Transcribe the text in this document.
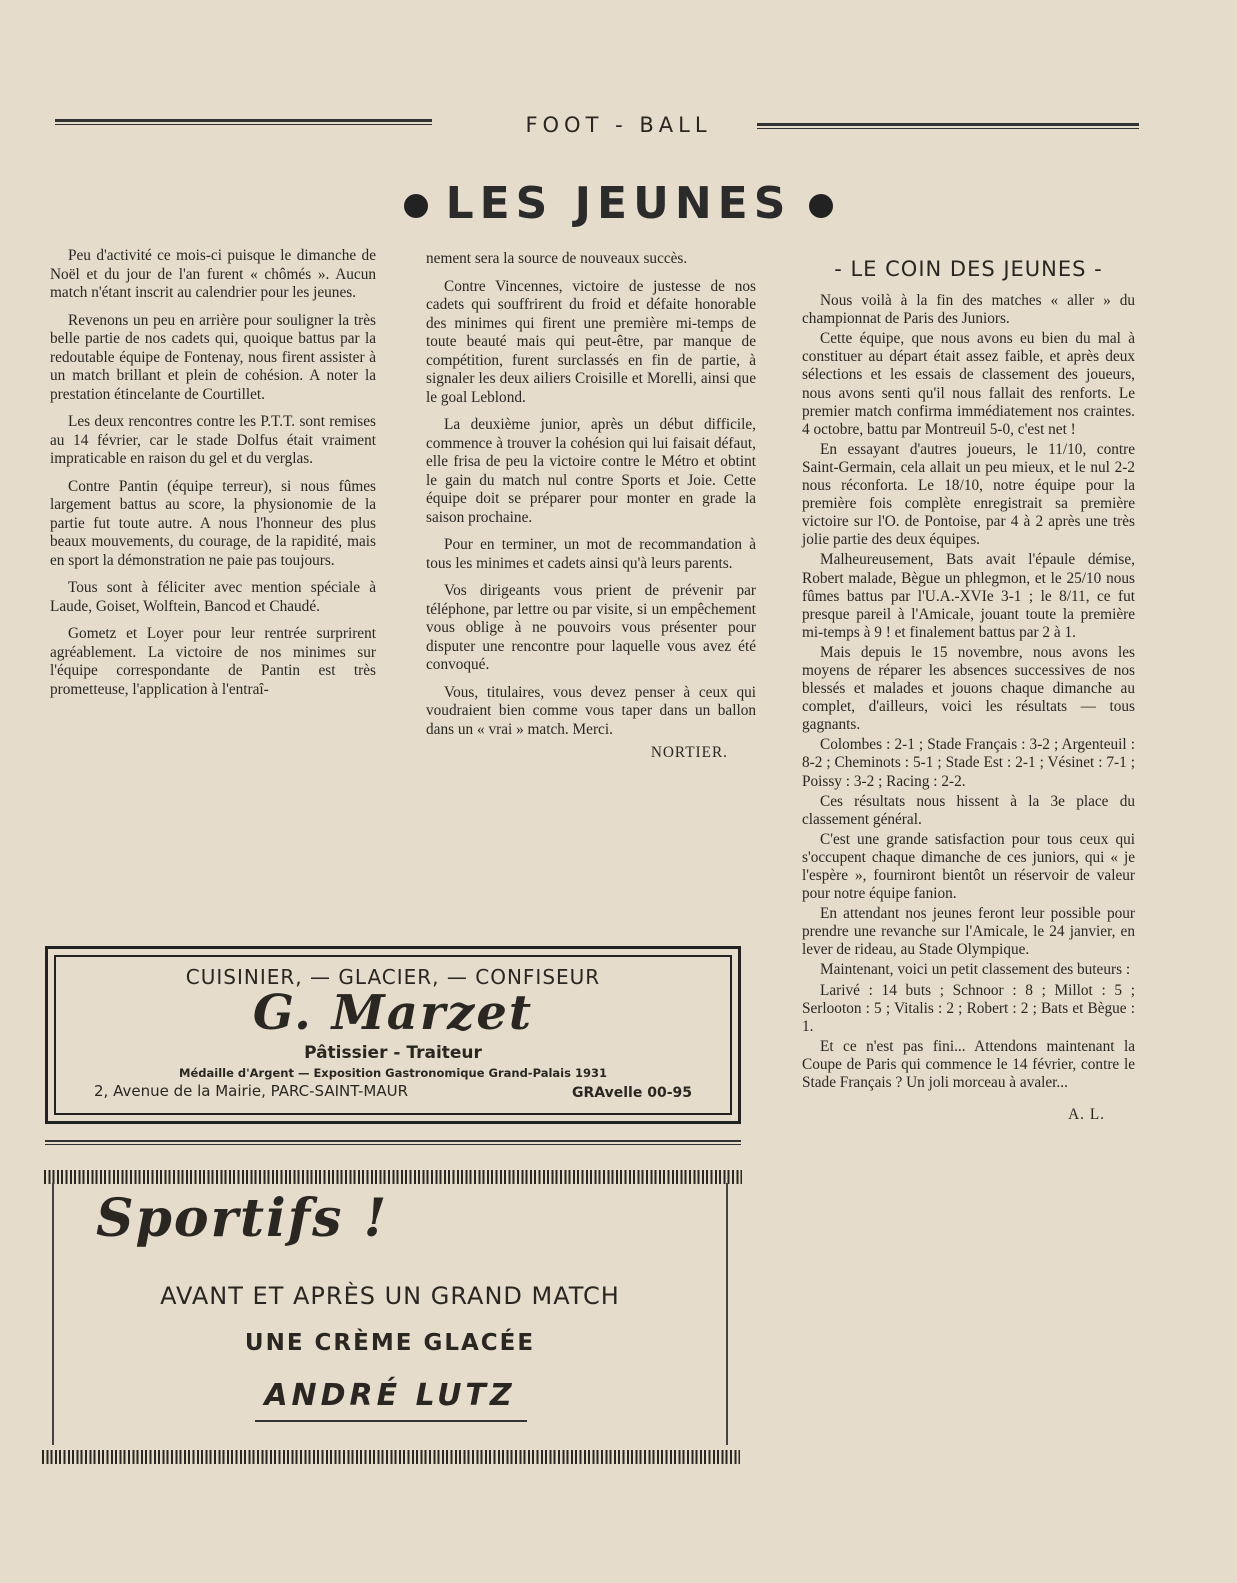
FOOT - BALL
LES JEUNES

Peu d'activité ce mois-ci puisque le dimanche de Noël et du jour de l'an furent « chômés ». Aucun match n'étant inscrit au calendrier pour les jeunes.

Revenons un peu en arrière pour souligner la très belle partie de nos cadets qui, quoique battus par la redoutable équipe de Fontenay, nous firent assister à un match brillant et plein de cohésion. A noter la prestation étincelante de Courtillet.

Les deux rencontres contre les P.T.T. sont remises au 14 février, car le stade Dolfus était vraiment impraticable en raison du gel et du verglas.

Contre Pantin (équipe terreur), si nous fûmes largement battus au score, la physionomie de la partie fut toute autre. A nous l'honneur des plus beaux mouvements, du courage, de la rapidité, mais en sport la démonstration ne paie pas toujours.

Tous sont à féliciter avec mention spéciale à Laude, Goiset, Wolftein, Bancod et Chaudé.

Gometz et Loyer pour leur rentrée surprirent agréablement. La victoire de nos minimes sur l'équipe correspondante de Pantin est très prometteuse, l'application à l'entraî-

nement sera la source de nouveaux succès.

Contre Vincennes, victoire de justesse de nos cadets qui souffrirent du froid et défaite honorable des minimes qui firent une première mi-temps de toute beauté mais qui peut-être, par manque de compétition, furent surclassés en fin de partie, à signaler les deux ailiers Croisille et Morelli, ainsi que le goal Leblond.

La deuxième junior, après un début difficile, commence à trouver la cohésion qui lui faisait défaut, elle frisa de peu la victoire contre le Métro et obtint le gain du match nul contre Sports et Joie. Cette équipe doit se préparer pour monter en grade la saison prochaine.

Pour en terminer, un mot de recommandation à tous les minimes et cadets ainsi qu'à leurs parents.

Vos dirigeants vous prient de prévenir par téléphone, par lettre ou par visite, si un empêchement vous oblige à ne pouvoirs vous présenter pour disputer une rencontre pour laquelle vous avez été convoqué.

Vous, titulaires, vous devez penser à ceux qui voudraient bien comme vous taper dans un ballon dans un « vrai » match. Merci.

NORTIER.
- LE COIN DES JEUNES -

Nous voilà à la fin des matches « aller » du championnat de Paris des Juniors.

Cette équipe, que nous avons eu bien du mal à constituer au départ était assez faible, et après deux sélections et les essais de classement des joueurs, nous avons senti qu'il nous fallait des renforts. Le premier match confirma immédiatement nos craintes. 4 octobre, battu par Montreuil 5-0, c'est net !

En essayant d'autres joueurs, le 11/10, contre Saint-Germain, cela allait un peu mieux, et le nul 2-2 nous réconforta. Le 18/10, notre équipe pour la première fois complète enregistrait sa première victoire sur l'O. de Pontoise, par 4 à 2 après une très jolie partie des deux équipes.

Malheureusement, Bats avait l'épaule démise, Robert malade, Bègue un phlegmon, et le 25/10 nous fûmes battus par l'U.A.-XVIe 3-1 ; le 8/11, ce fut presque pareil à l'Amicale, jouant toute la première mi-temps à 9 ! et finalement battus par 2 à 1.

Mais depuis le 15 novembre, nous avons les moyens de réparer les absences successives de nos blessés et malades et jouons chaque dimanche au complet, d'ailleurs, voici les résultats — tous gagnants.

Colombes : 2-1 ; Stade Français : 3-2 ; Argenteuil : 8-2 ; Cheminots : 5-1 ; Stade Est : 2-1 ; Vésinet : 7-1 ; Poissy : 3-2 ; Racing : 2-2.

Ces résultats nous hissent à la 3e place du classement général.

C'est une grande satisfaction pour tous ceux qui s'occupent chaque dimanche de ces juniors, qui « je l'espère », fourniront bientôt un réservoir de valeur pour notre équipe fanion.

En attendant nos jeunes feront leur possible pour prendre une revanche sur l'Amicale, le 24 janvier, en lever de rideau, au Stade Olympique.

Maintenant, voici un petit classement des buteurs :

Larivé : 14 buts ; Schnoor : 8 ; Millot : 5 ; Serlooton : 5 ; Vitalis : 2 ; Robert : 2 ; Bats et Bègue : 1.

Et ce n'est pas fini... Attendons maintenant la Coupe de Paris qui commence le 14 février, contre le Stade Français ? Un joli morceau à avaler...

A. L.
CUISINIER, — GLACIER, — CONFISEUR
G. Marzet
Pâtissier - Traiteur
Médaille d'Argent — Exposition Gastronomique Grand-Palais 1931
2, Avenue de la Mairie, PARC-SAINT-MAUR	GRAvelle 00-95
Sportifs !
AVANT ET APRÈS UN GRAND MATCH
UNE CRÈME GLACÉE
ANDRÉ LUTZ
